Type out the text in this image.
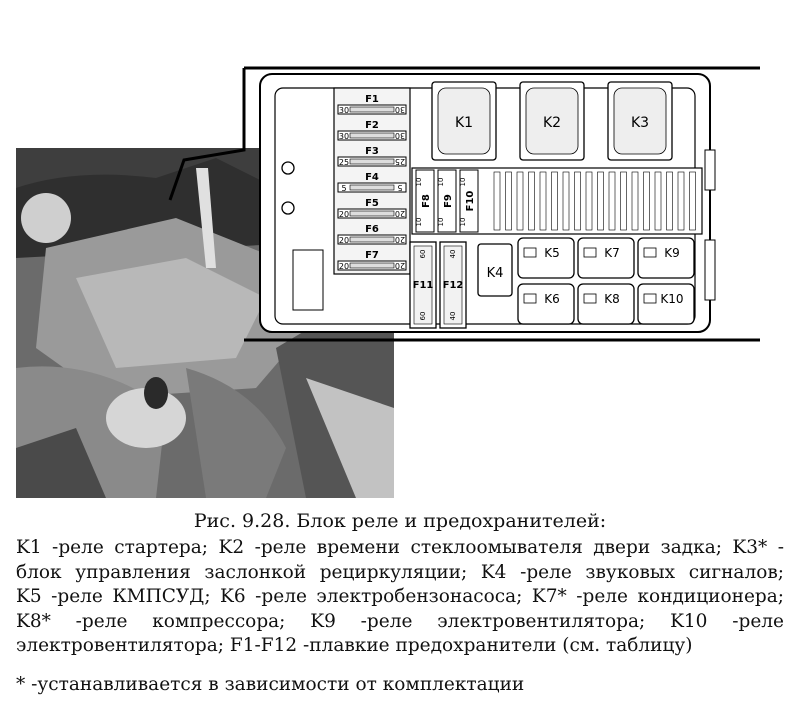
F1
30	30
F2
30	30
F3
25	25
F4
5	5
F5
20	20
F6
20	20
F7
20	20
K1	K2	K3
F8
10
10
F9
10
10
F10
10
10
F11
60
60
F12
40
40
K4
K5	K7	K9
K6	K8	K10
Рис. 9.28. Блок реле и предохранителей:
K1 -реле стартера; K2 -реле времени стеклоомывателя двери задка; K3* -
блок управления заслонкой рециркуляции; K4 -реле звуковых сигналов;
K5 -реле КМПСУД; K6 -реле электробензонасоса; K7* -реле кондиционера;
K8* -реле компрессора; K9 -реле электровентилятора; K10 -реле
электровентилятора; F1-F12 -плавкие предохранители (см. таблицу)
* -устанавливается в зависимости от комплектации
